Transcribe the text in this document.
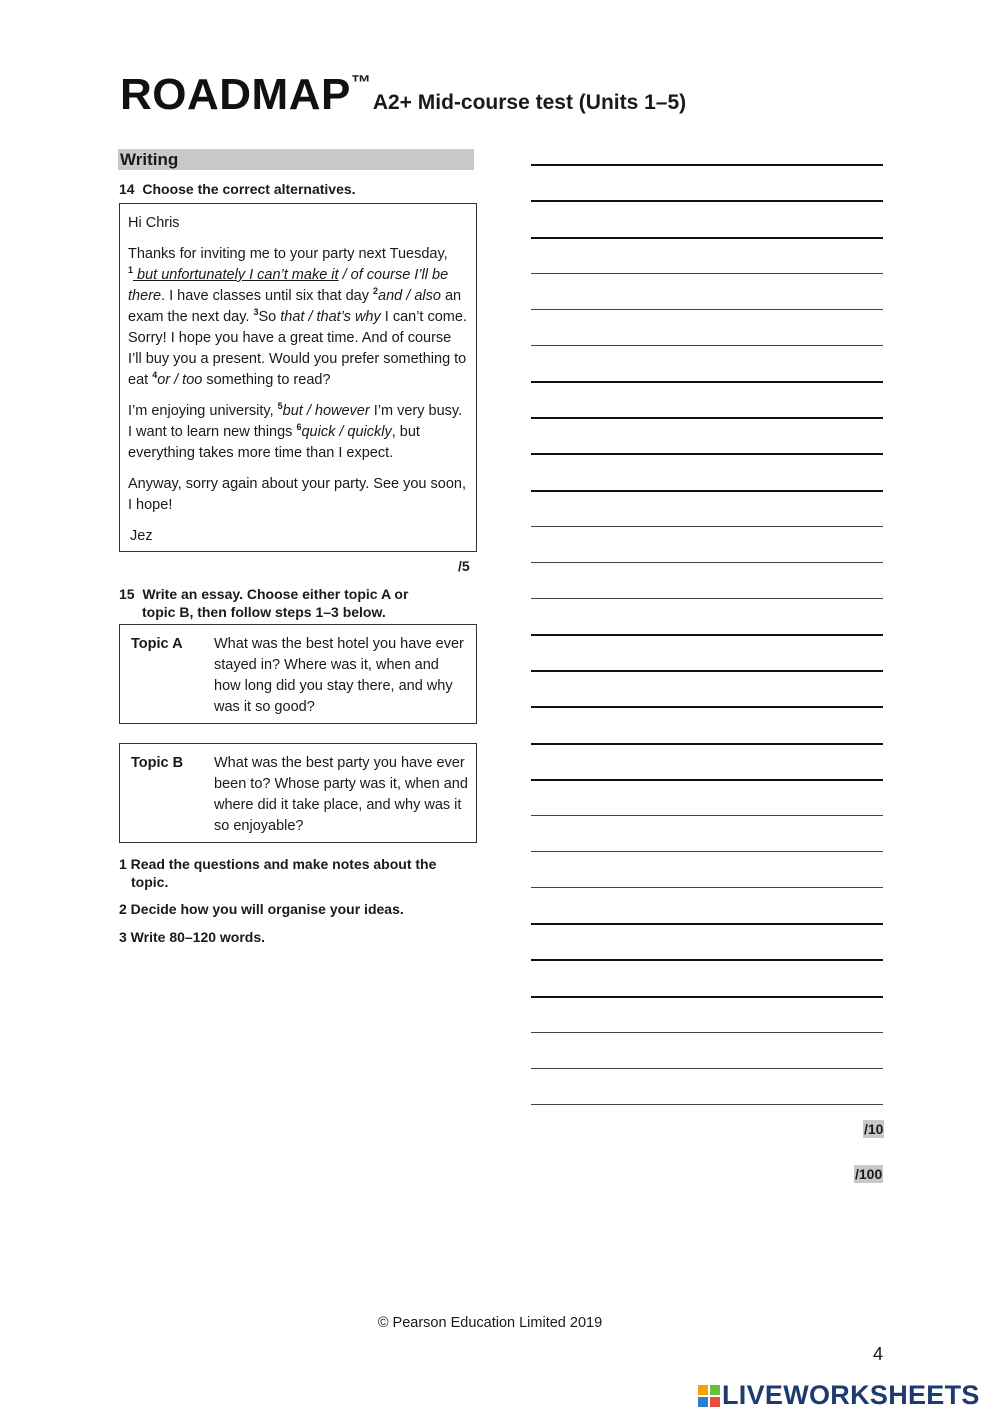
ROADMAP™A2+ Mid-course test (Units 1–5)
Writing
14 Choose the correct alternatives.

Hi Chris

Thanks for inviting me to your party next Tuesday,
$^1$ but unfortunately I can’t make it / of course I’ll be there. I have classes until six that day $^2$and / also an exam the next day. $^3$So that / that’s why I can’t come. Sorry! I hope you have a great time. And of course I’ll buy you a present. Would you prefer something to eat $^4$or / too something to read?

I’m enjoying university, $^5$but / however I’m very busy. I want to learn new things $^6$quick / quickly, but everything takes more time than I expect.

Anyway, sorry again about your party. See you soon, I hope!

Jez

/5
15 Write an essay. Choose either topic A or
topic B, then follow steps 1–3 below.
Topic A What was the best hotel you have ever stayed in? Where was it, when and how long did you stay there, and why was it so good?
Topic B What was the best party you have ever been to? Whose party was it, when and where did it take place, and why was it so enjoyable?
1 Read the questions and make notes about the
topic.
2 Decide how you will organise your ideas.
3 Write 80–120 words.
/10
/100
© Pearson Education Limited 2019
4
LIVEWORKSHEETS
